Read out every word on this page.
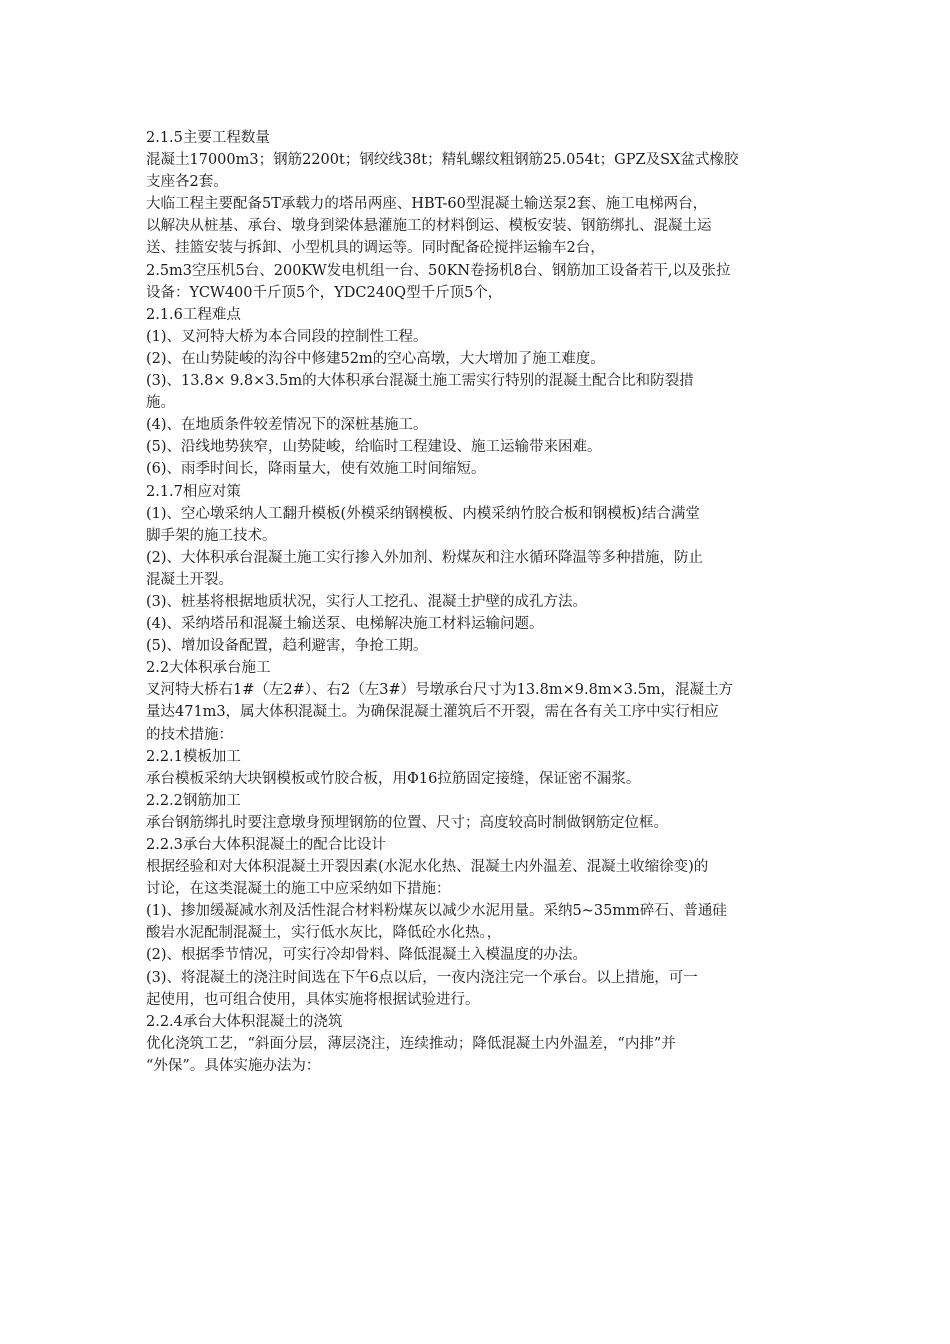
2.1.5主要工程数量
混凝土17000m3；钢筋2200t；钢绞线38t；精轧螺纹粗钢筋25.054t；GPZ及SX盆式橡胶
支座各2套。
大临工程主要配备5T承载力的塔吊两座、HBT-60型混凝土输送泵2套、施工电梯两台，
以解决从桩基、承台、墩身到梁体悬灌施工的材料倒运、模板安装、钢筋绑扎、混凝土运
送、挂篮安装与拆卸、小型机具的调运等。同时配备砼搅拌运输车2台，
2.5m3空压机5台、200KW发电机组一台、50KN卷扬机8台、钢筋加工设备若干,以及张拉
设备：YCW400千斤顶5个，YDC240Q型千斤顶5个，
2.1.6工程难点
(1)、叉河特大桥为本合同段的控制性工程。
(2)、在山势陡峻的沟谷中修建52m的空心高墩，大大增加了施工难度。
(3)、13.8× 9.8×3.5m的大体积承台混凝土施工需实行特别的混凝土配合比和防裂措
施。
(4)、在地质条件较差情况下的深桩基施工。
(5)、沿线地势狭窄，山势陡峻，给临时工程建设、施工运输带来困难。
(6)、雨季时间长，降雨量大，使有效施工时间缩短。
2.1.7相应对策
(1)、空心墩采纳人工翻升模板(外模采纳钢模板、内模采纳竹胶合板和钢模板)结合满堂
脚手架的施工技术。
(2)、大体积承台混凝土施工实行掺入外加剂、粉煤灰和注水循环降温等多种措施，防止
混凝土开裂。
(3)、桩基将根据地质状况，实行人工挖孔、混凝土护壁的成孔方法。
(4)、采纳塔吊和混凝土输送泵、电梯解决施工材料运输问题。
(5)、增加设备配置，趋利避害，争抢工期。
2.2大体积承台施工
叉河特大桥右1#（左2#）、右2（左3#）号墩承台尺寸为13.8m×9.8m×3.5m，混凝土方
量达471m3，属大体积混凝土。为确保混凝土灌筑后不开裂，需在各有关工序中实行相应
的技术措施：
2.2.1模板加工
承台模板采纳大块钢模板或竹胶合板，用Φ16拉筋固定接缝，保证密不漏浆。
2.2.2钢筋加工
承台钢筋绑扎时要注意墩身预埋钢筋的位置、尺寸；高度较高时制做钢筋定位框。
2.2.3承台大体积混凝土的配合比设计
根据经验和对大体积混凝土开裂因素(水泥水化热、混凝土内外温差、混凝土收缩徐变)的
讨论，在这类混凝土的施工中应采纳如下措施：
(1)、掺加缓凝减水剂及活性混合材料粉煤灰以减少水泥用量。采纳5~35mm碎石、普通硅
酸岩水泥配制混凝土，实行低水灰比，降低砼水化热。，
(2)、根据季节情况，可实行冷却骨料、降低混凝土入模温度的办法。
(3)、将混凝土的浇注时间选在下午6点以后，一夜内浇注完一个承台。以上措施，可一
起使用，也可组合使用，具体实施将根据试验进行。
2.2.4承台大体积混凝土的浇筑
优化浇筑工艺，“斜面分层，薄层浇注，连续推动；降低混凝土内外温差，“内排”并
“外保”。具体实施办法为：
